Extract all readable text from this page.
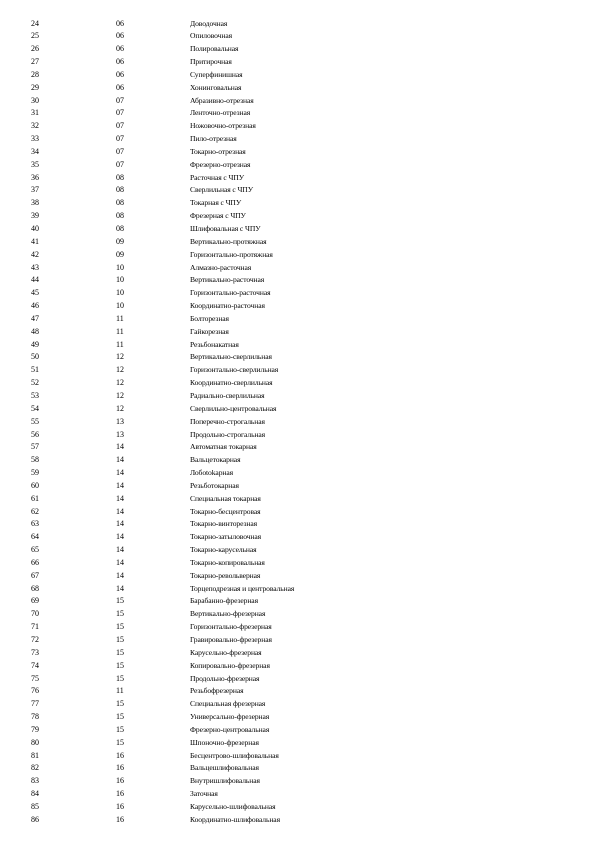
24	06	Доводочная
25	06	Опиловочная
26	06	Полировальная
27	06	Притирочная
28	06	Суперфинишная
29	06	Хонинговальная
30	07	Абразивно-отрезная
31	07	Ленточно-отрезная
32	07	Ножовочно-отрезная
33	07	Пило-отрезная
34	07	Токарно-отрезная
35	07	Фрезерно-отрезная
36	08	Расточная с ЧПУ
37	08	Сверлильная с ЧПУ
38	08	Токарная с ЧПУ
39	08	Фрезерная с ЧПУ
40	08	Шлифовальная с ЧПУ
41	09	Вертикально-протяжная
42	09	Горизонтально-протяжная
43	10	Алмазно-расточная
44	10	Вертикально-расточная
45	10	Горизонтально-расточная
46	10	Координатно-расточная
47	11	Болторезная
48	11	Гайкорезная
49	11	Резьбонакатная
50	12	Вертикально-сверлильная
51	12	Горизонтально-сверлильная
52	12	Координатно-сверлильная
53	12	Радиально-сверлильная
54	12	Сверлильно-центровальная
55	13	Поперечно-строгальная
56	13	Продольно-строгальная
57	14	Автоматная токарная
58	14	Вальцетокарная
59	14	Лобotokарная
60	14	Резьботокарная
61	14	Специальная токарная
62	14	Токарно-бесцентровая
63	14	Токарно-винторезная
64	14	Токарно-затыловочная
65	14	Токарно-карусельная
66	14	Токарно-копировальная
67	14	Токарно-револьверная
68	14	Торцеподрезная и центровальная
69	15	Барабанно-фрезерная
70	15	Вертикально-фрезерная
71	15	Горизонтально-фрезерная
72	15	Гравировально-фрезерная
73	15	Карусельно-фрезерная
74	15	Копировально-фрезерная
75	15	Продольно-фрезерная
76	11	Резьбофрезерная
77	15	Специальная фрезерная
78	15	Универсально-фрезерная
79	15	Фрезерно-центровальная
80	15	Шпоночно-фрезерная
81	16	Бесцентрово-шлифовальная
82	16	Вальцешлифовальная
83	16	Внутришлифовальная
84	16	Заточная
85	16	Карусельно-шлифовальная
86	16	Координатно-шлифовальная
